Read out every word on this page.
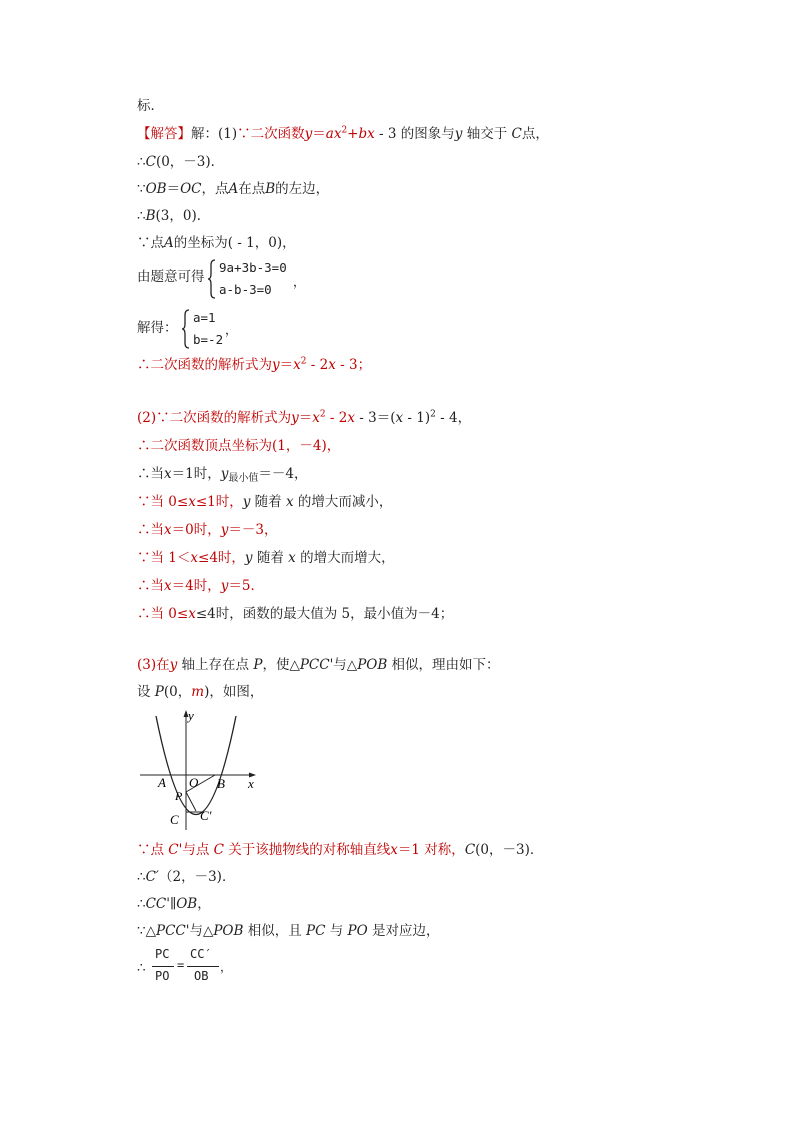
标．
【解答】解：(1)∵二次函数$y=ax^2+bx - 3$ 的图象与y 轴交于 C点，
∴C(0，－3)．
∵OB＝OC，点A在点B的左边，
∴B(3，0)．
∵点A的坐标为( - 1，0)，
由题意可得
9a+3b-3=0
a-b-3=0
，
解得：
a=1
b=-2
，
∴二次函数的解析式为$y=x^2 - 2x - 3$；
(2)∵二次函数的解析式为$y=x^2 - 2x - 3=(x - 1)^2 - 4$，
∴二次函数顶点坐标为(1，－4)，
∴当x＝1时，$y_{最小值}=-4$，
∵当 0≤x≤1时，y 随着 x 的增大而减小，
∴当x＝0时，y＝－3，
∵当 1＜x≤4时，y 随着 x 的增大而增大，
∴当x＝4时，y＝5．
∴当 0≤x≤4时，函数的最大值为 5，最小值为－4；
(3)在y 轴上存在点 P，使△PCC'与△POB 相似，理由如下：
设 P(0，m)，如图，
x
y
A O B
P
C C′
∵点 C'与点 C 关于该抛物线的对称轴直线x＝1 对称，C(0，－3)．
∴C′（2，－3)．
∴CC'∥OB，
∵△PCC'与△POB 相似，且 PC 与 PO 是对应边，
∴
PC
PO
=
CC′
OB
，
